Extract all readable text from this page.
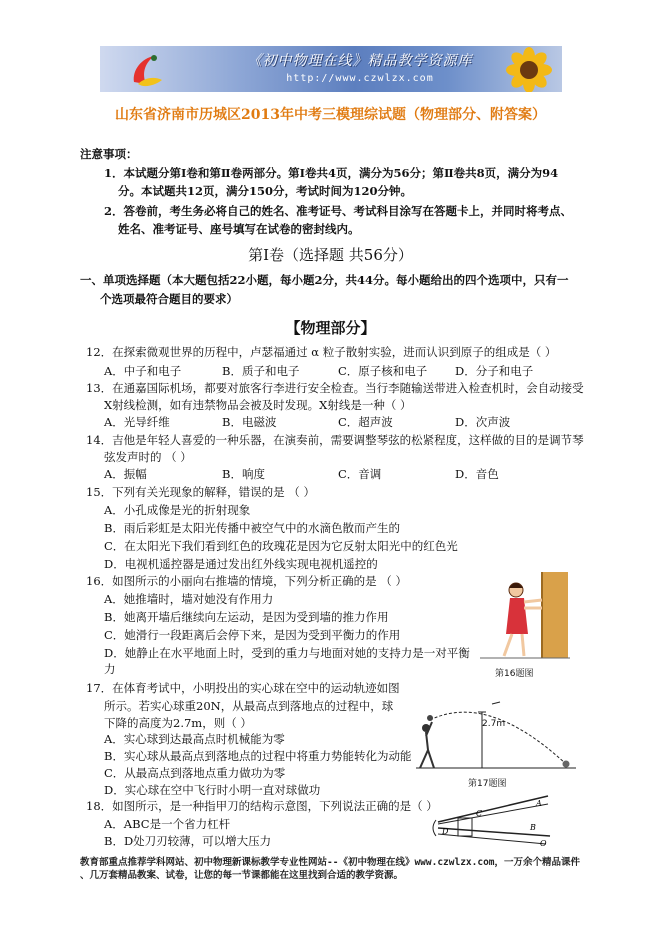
《初中物理在线》精品教学资源库
http://www.czwlzx.com
山东省济南市历城区2013年中考三模理综试题（物理部分、附答案）
注意事项：
1．本试题分第Ⅰ卷和第Ⅱ卷两部分。第Ⅰ卷共4页，满分为56分；第Ⅱ卷共8页，满分为94
分。本试题共12页，满分150分，考试时间为120分钟。
2．答卷前，考生务必将自己的姓名、准考证号、考试科目涂写在答题卡上，并同时将考点、
姓名、准考证号、座号填写在试卷的密封线内。
第Ⅰ卷（选择题 共56分）
一、单项选择题（本大题包括22小题，每小题2分，共44分。每小题给出的四个选项中，只有一
个选项最符合题目的要求）
【物理部分】
12．在探索微观世界的历程中，卢瑟福通过 α 粒子散射实验，进而认识到原子的组成是（ ）
A．中子和电子	B．质子和电子	C．原子核和电子 D．分子和电子
13．在通嘉国际机场，都要对旅客行李进行安全检查。当行李随输送带进入检查机时，会自动接受
X射线检测，如有违禁物品会被及时发现。X射线是一种（ ）
A．光导纤维	B．电磁波	C．超声波	D．次声波
14．吉他是年轻人喜爱的一种乐器，在演奏前，需要调整琴弦的松紧程度，这样做的目的是调节琴
弦发声时的 （ ）
A．振幅	B．响度	C．音调	D．音色
15．下列有关光现象的解释，错误的是 （ ）
A．小孔成像是光的折射现象
B．雨后彩虹是太阳光传播中被空气中的水滴色散而产生的
C．在太阳光下我们看到红色的玫瑰花是因为它反射太阳光中的红色光
D．电视机遥控器是通过发出红外线实现电视机遥控的
16．如图所示的小丽向右推墙的情境，下列分析正确的是 （ ）
A．她推墙时，墙对她没有作用力
B．她离开墙后继续向左运动，是因为受到墙的推力作用
C．她滑行一段距离后会停下来，是因为受到平衡力的作用
D．她静止在水平地面上时，受到的重力与地面对她的支持力是一对平衡
力	第16题图
17．在体育考试中，小明投出的实心球在空中的运动轨迹如图
所示。若实心球重20N，从最高点到落地点的过程中，球
下降的高度为2.7m，则（ ）
A．实心球到达最高点时机械能为零
B．实心球从最高点到落地点的过程中将重力势能转化为动能
C．从最高点到落地点重力做功为零
D．实心球在空中飞行时小明一直对球做功
2.7m
第17题图
18．如图所示，是一种指甲刀的结构示意图，下列说法正确的是（ ）
A．ABC是一个省力杠杆
B．D处刀刃较薄，可以增大压力
A
B
C
D
O
教育部重点推荐学科网站、初中物理新课标教学专业性网站--《初中物理在线》www.czwlzx.com，一万余个精品课件
、几万套精品教案、试卷，让您的每一节课都能在这里找到合适的教学资源。
